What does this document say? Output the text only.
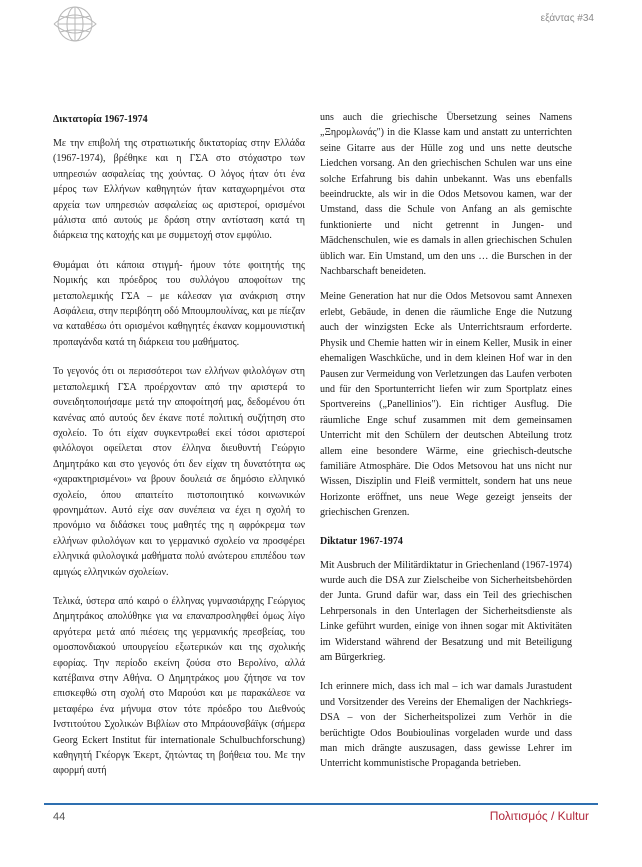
εξάντας #34
Δικτατορία 1967-1974

Με την επιβολή της στρατιωτικής δικτατορίας στην Ελλάδα (1967-1974), βρέθηκε και η ΓΣΑ στο στόχαστρο των υπηρεσιών ασφαλείας της χούντας. Ο λόγος ήταν ότι ένα μέρος των Ελλήνων καθηγητών ήταν καταχωρημένοι στα αρχεία των υπηρεσιών ασφαλείας ως αριστεροί, ορισμένοι μάλιστα από αυτούς με δράση στην αντίσταση κατά τη διάρκεια της κατοχής και με συμμετοχή στον εμφύλιο.

Θυμάμαι ότι κάποια στιγμή- ήμουν τότε φοιτητής της Νομικής και πρόεδρος του συλλόγου αποφοίτων της μεταπολεμικής ΓΣΑ – με κάλεσαν για ανάκριση στην Ασφάλεια, στην περιβόητη οδό Μπουμπουλίνας, και με πίεζαν να καταθέσω ότι ορισμένοι καθηγητές έκαναν κομμουνιστική προπαγάνδα κατά τη διάρκεια του μαθήματος.

Το γεγονός ότι οι περισσότεροι των ελλήνων φιλολόγων στη μεταπολεμική ΓΣΑ προέρχονταν από την αριστερά το συνειδητοποιήσαμε μετά την αποφοίτησή μας, δεδομένου ότι κανένας από αυτούς δεν έκανε ποτέ πολιτική συζήτηση στο σχολείο. Το ότι είχαν συγκεντρωθεί εκεί τόσοι αριστεροί φιλόλογοι οφείλεται στον έλληνα διευθυντή Γεώργιο Δημητράκο και στο γεγονός ότι δεν είχαν τη δυνατότητα ως «χαρακτηρισμένοι» να βρουν δουλειά σε δημόσιο ελληνικό σχολείο, όπου απαιτείτο πιστοποιητικό κοινωνικών φρονημάτων. Αυτό είχε σαν συνέπεια να έχει η σχολή το προνόμιο να διδάσκει τους μαθητές της η αφρόκρεμα των ελλήνων φιλολόγων και το γερμανικό σχολείο να προσφέρει ελληνικά φιλολογικά μαθήματα πολύ ανώτερου επιπέδου των αμιγώς ελληνικών σχολείων.

Τελικά, ύστερα από καιρό ο έλληνας γυμνασιάρχης Γεώργιος Δημητράκος απολύθηκε για να επαναπροσληφθεί όμως λίγο αργότερα μετά από πιέσεις της γερμανικής πρεσβείας, του ομοσπονδιακού υπουργείου εξωτερικών και της σχολικής εφορίας. Την περίοδο εκείνη ζούσα στο Βερολίνο, αλλά κατέβαινα στην Αθήνα. Ο Δημητράκος μου ζήτησε να τον επισκεφθώ στη σχολή στο Μαρούσι και με παρακάλεσε να μεταφέρω ένα μήνυμα στον τότε πρόεδρο του Διεθνούς Ινστιτούτου Σχολικών Βιβλίων στο Μπράουνσβάϊγκ (σήμερα Georg Eckert Institut für internationale Schulbuchforschung) καθηγητή Γκέοργκ Έκερτ, ζητώντας τη βοήθεια του. Με την αφορμή αυτή

uns auch die griechische Übersetzung seines Namens „Ξηρομλωνάς") in die Klasse kam und anstatt zu unterrichten seine Gitarre aus der Hülle zog und uns nette deutsche Liedchen vorsang. An den griechischen Schulen war uns eine solche Erfahrung bis dahin unbekannt. Was uns ebenfalls beeindruckte, als wir in die Odos Metsovou kamen, war der Umstand, dass die Schule von Anfang an als gemischte funktionierte und nicht getrennt in Jungen- und Mädchenschulen, wie es damals in allen griechischen Schulen üblich war. Ein Umstand, um den uns … die Burschen in der Nachbarschaft beneideten.

Meine Generation hat nur die Odos Metsovou samt Annexen erlebt, Gebäude, in denen die räumliche Enge die Nutzung auch der winzigsten Ecke als Unterrichtsraum erforderte. Physik und Chemie hatten wir in einem Keller, Musik in einer ehemaligen Waschküche, und in dem kleinen Hof war in den Pausen zur Vermeidung von Verletzungen das Laufen verboten und für den Sportunterricht liefen wir zum Sportplatz eines Sportvereins („Panellinios"). Ein richtiger Ausflug. Die räumliche Enge schuf zusammen mit dem gemeinsamen Unterricht mit den Schülern der deutschen Abteilung trotz allem eine besondere Wärme, eine griechisch-deutsche familiäre Atmosphäre. Die Odos Metsovou hat uns nicht nur Wissen, Disziplin und Fleiß vermittelt, sondern hat uns neue Horizonte eröffnet, uns neue Wege gezeigt jenseits der griechischen Grenzen.

Diktatur 1967-1974

Mit Ausbruch der Militärdiktatur in Griechenland (1967-1974) wurde auch die DSA zur Zielscheibe von Sicherheitsbehörden der Junta. Grund dafür war, dass ein Teil des griechischen Lehrpersonals in den Unterlagen der Sicherheitsdienste als Linke geführt wurden, einige von ihnen sogar mit Aktivitäten im Widerstand während der Besatzung und mit Beteiligung am Bürgerkrieg.

Ich erinnere mich, dass ich mal – ich war damals Jurastudent und Vorsitzender des Vereins der Ehemaligen der Nachkriegs-DSA – von der Sicherheitspolizei zum Verhör in die berüchtigte Odos Boubioulinas vorgeladen wurde und dass man mich drängte auszusagen, dass gewisse Lehrer im Unterricht kommunistische Propaganda betrieben.

44	Πολιτισμός / Kultur
